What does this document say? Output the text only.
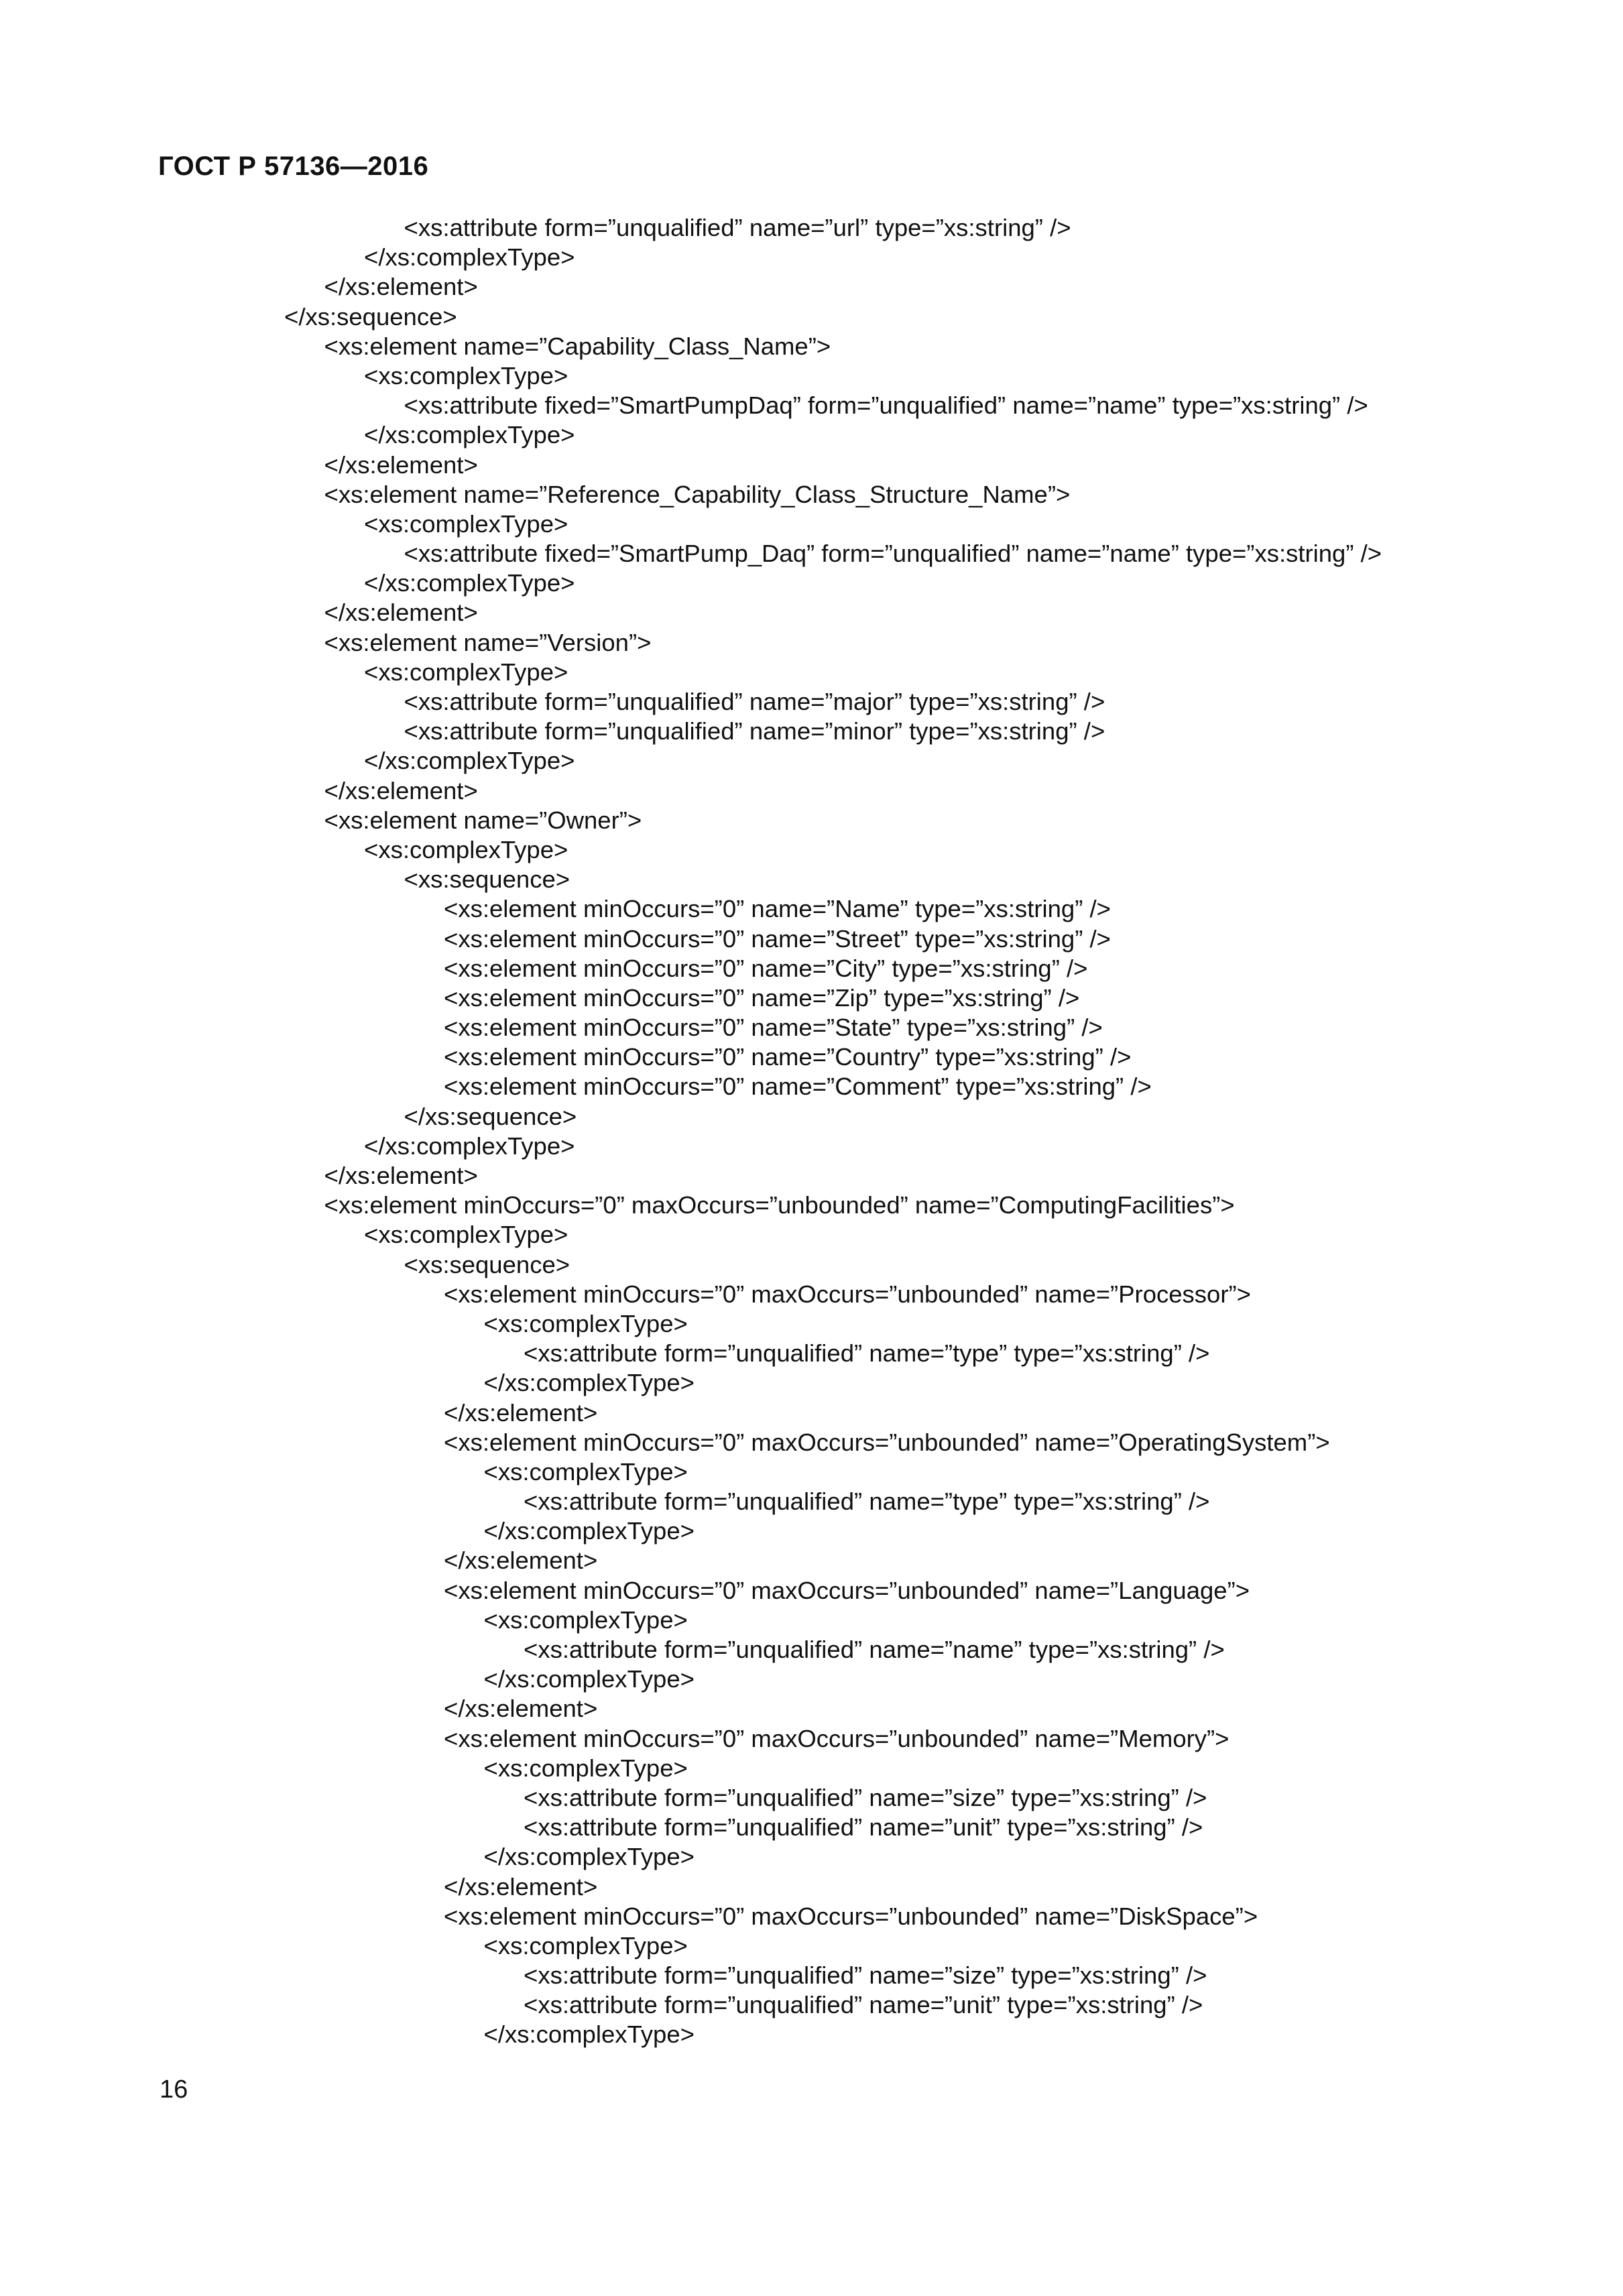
ГОСТ Р 57136—2016
<xs:attribute form=”unqualified” name=”url” type=”xs:string” />
</xs:complexType>
</xs:element>
</xs:sequence>
<xs:element name=”Capability_Class_Name”>
<xs:complexType>
<xs:attribute fixed=”SmartPumpDaq” form=”unqualified” name=”name” type=”xs:string” />
</xs:complexType>
</xs:element>
<xs:element name=”Reference_Capability_Class_Structure_Name”>
<xs:complexType>
<xs:attribute fixed=”SmartPump_Daq” form=”unqualified” name=”name” type=”xs:string” />
</xs:complexType>
</xs:element>
<xs:element name=”Version”>
<xs:complexType>
<xs:attribute form=”unqualified” name=”major” type=”xs:string” />
<xs:attribute form=”unqualified” name=”minor” type=”xs:string” />
</xs:complexType>
</xs:element>
<xs:element name=”Owner”>
<xs:complexType>
<xs:sequence>
<xs:element minOccurs=”0” name=”Name” type=”xs:string” />
<xs:element minOccurs=”0” name=”Street” type=”xs:string” />
<xs:element minOccurs=”0” name=”City” type=”xs:string” />
<xs:element minOccurs=”0” name=”Zip” type=”xs:string” />
<xs:element minOccurs=”0” name=”State” type=”xs:string” />
<xs:element minOccurs=”0” name=”Country” type=”xs:string” />
<xs:element minOccurs=”0” name=”Comment” type=”xs:string” />
</xs:sequence>
</xs:complexType>
</xs:element>
<xs:element minOccurs=”0” maxOccurs=”unbounded” name=”ComputingFacilities”>
<xs:complexType>
<xs:sequence>
<xs:element minOccurs=”0” maxOccurs=”unbounded” name=”Processor”>
<xs:complexType>
<xs:attribute form=”unqualified” name=”type” type=”xs:string” />
</xs:complexType>
</xs:element>
<xs:element minOccurs=”0” maxOccurs=”unbounded” name=”OperatingSystem”>
<xs:complexType>
<xs:attribute form=”unqualified” name=”type” type=”xs:string” />
</xs:complexType>
</xs:element>
<xs:element minOccurs=”0” maxOccurs=”unbounded” name=”Language”>
<xs:complexType>
<xs:attribute form=”unqualified” name=”name” type=”xs:string” />
</xs:complexType>
</xs:element>
<xs:element minOccurs=”0” maxOccurs=”unbounded” name=”Memory”>
<xs:complexType>
<xs:attribute form=”unqualified” name=”size” type=”xs:string” />
<xs:attribute form=”unqualified” name=”unit” type=”xs:string” />
</xs:complexType>
</xs:element>
<xs:element minOccurs=”0” maxOccurs=”unbounded” name=”DiskSpace”>
<xs:complexType>
<xs:attribute form=”unqualified” name=”size” type=”xs:string” />
<xs:attribute form=”unqualified” name=”unit” type=”xs:string” />
</xs:complexType>
16
